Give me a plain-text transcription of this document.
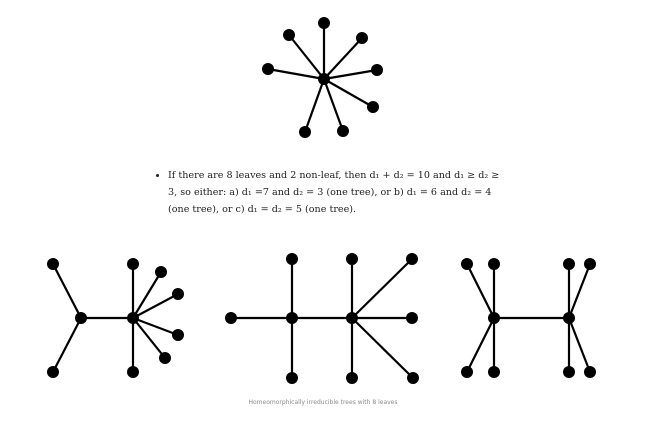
• If there are 8 leaves and 2 non-leaf, then d₁ + d₂ = 10 and d₁ ≥ d₂ ≥ 3, so either: a) d₁ =7 and d₂ = 3 (one tree), or b) d₁ = 6 and d₂ = 4 (one tree), or c) d₁ = d₂ = 5 (one tree).
Homeomorphically irreducible trees with 8 leaves
